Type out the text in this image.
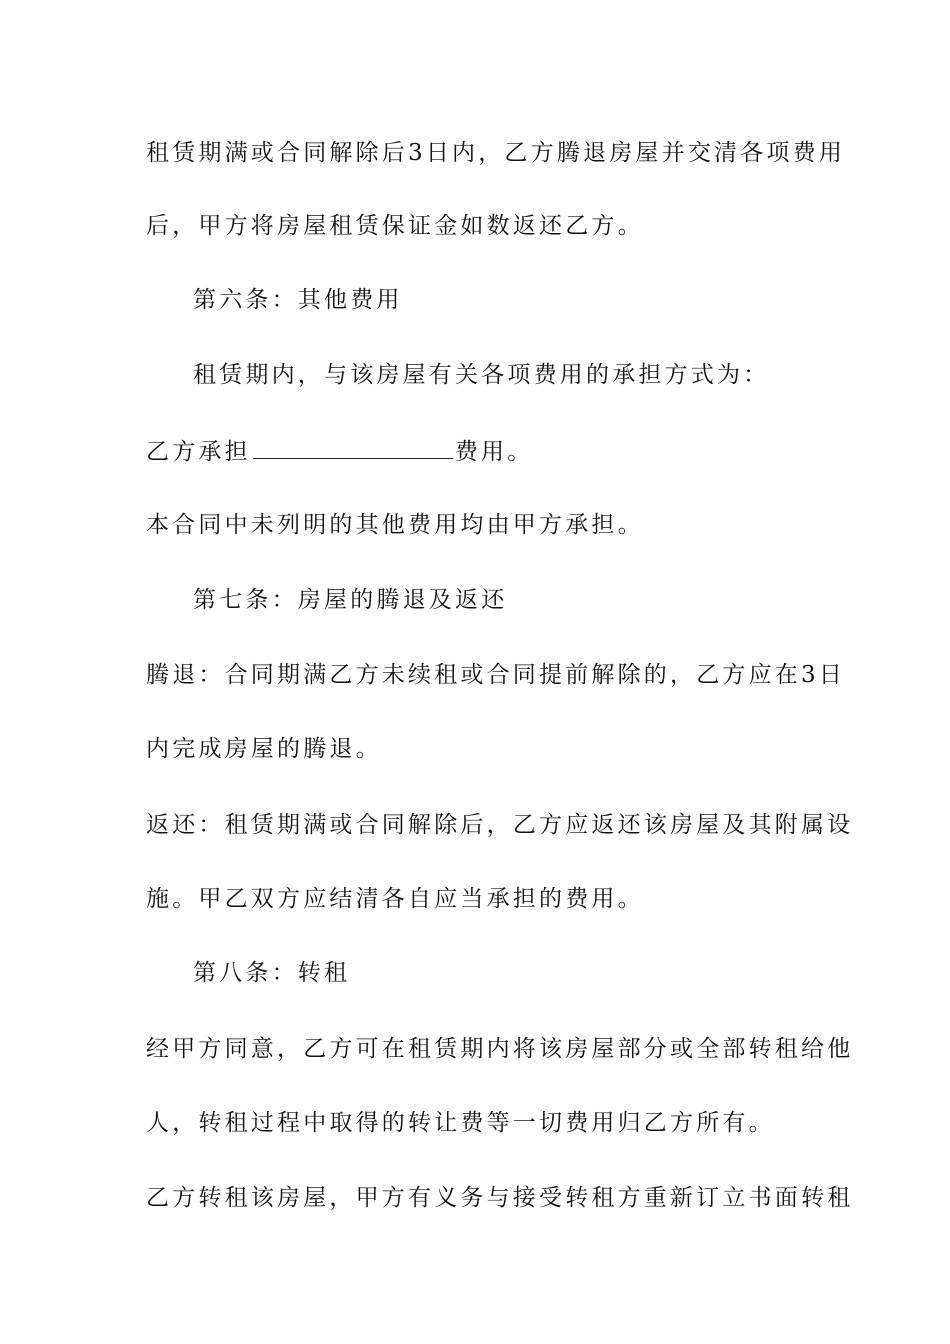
租赁期满或合同解除后3日内，乙方腾退房屋并交清各项费用
后，甲方将房屋租赁保证金如数返还乙方。
第六条：其他费用
租赁期内，与该房屋有关各项费用的承担方式为：
乙方承担	费用。
本合同中未列明的其他费用均由甲方承担。
第七条：房屋的腾退及返还
腾退：合同期满乙方未续租或合同提前解除的，乙方应在3日
内完成房屋的腾退。
返还：租赁期满或合同解除后，乙方应返还该房屋及其附属设
施。甲乙双方应结清各自应当承担的费用。
第八条：转租
经甲方同意，乙方可在租赁期内将该房屋部分或全部转租给他
人，转租过程中取得的转让费等一切费用归乙方所有。
乙方转租该房屋，甲方有义务与接受转租方重新订立书面转租
